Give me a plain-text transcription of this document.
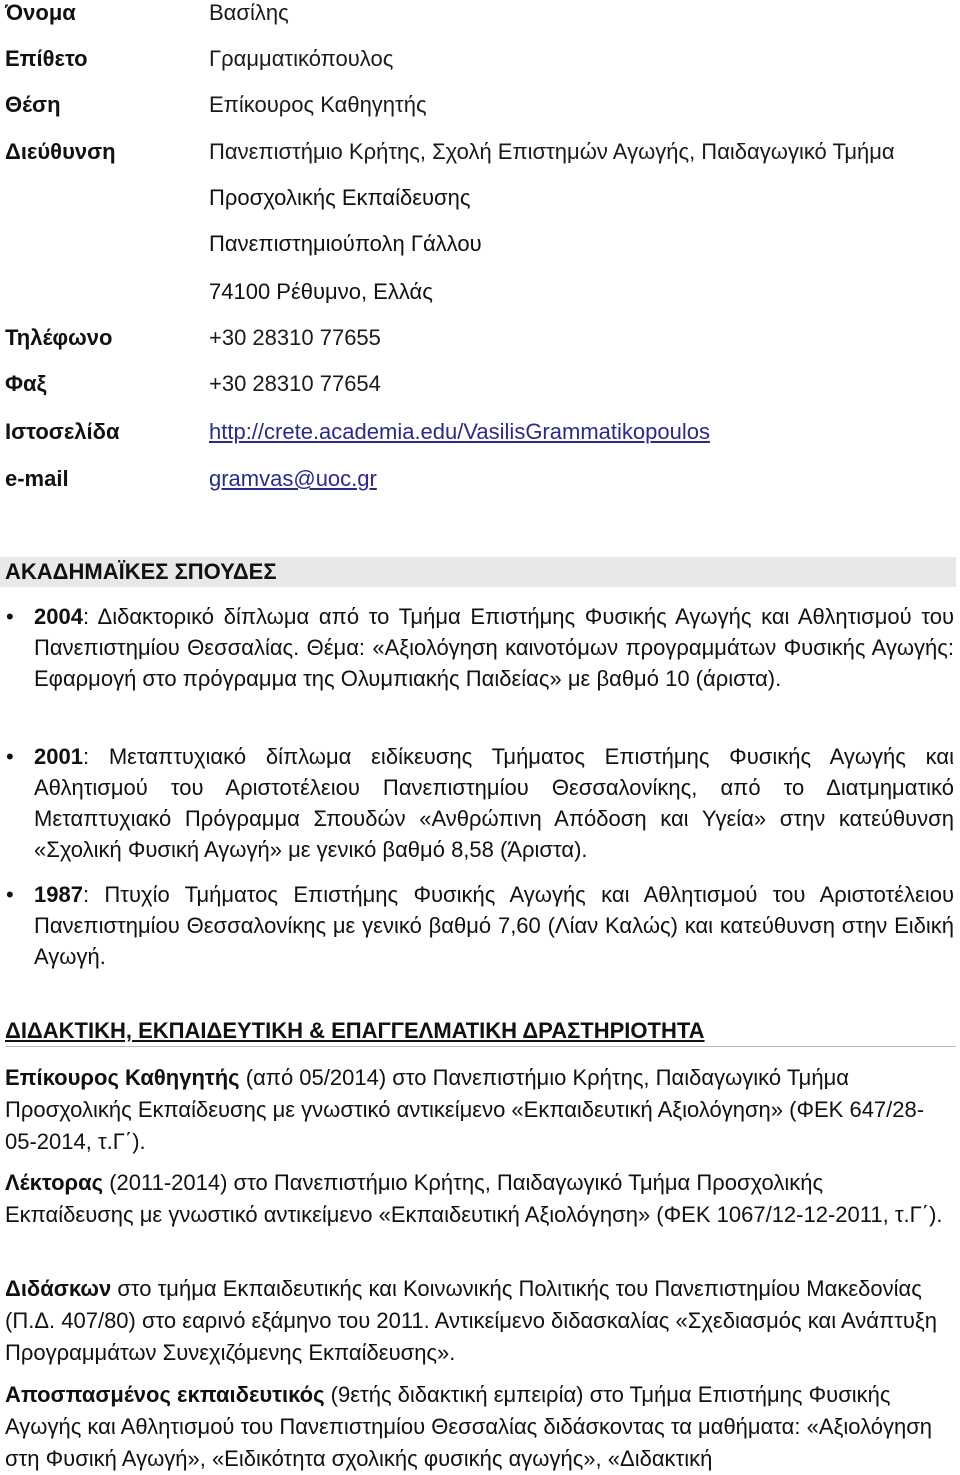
Όνομα	Βασίλης
Επίθετο	Γραμματικόπουλος
Θέση	Επίκουρος Καθηγητής
Διεύθυνση	Πανεπιστήμιο Κρήτης, Σχολή Επιστημών Αγωγής, Παιδαγωγικό Τμήμα
Προσχολικής Εκπαίδευσης
Πανεπιστημιούπολη Γάλλου
74100 Ρέθυμνο, Ελλάς
Τηλέφωνο	+30 28310 77655
Φαξ	+30 28310 77654
Ιστοσελίδα	http://crete.academia.edu/VasilisGrammatikopoulos
e-mail	gramvas@uoc.gr
ΑΚΑΔΗΜΑΪΚΕΣ ΣΠΟΥΔΕΣ
• 2004: Διδακτορικό δίπλωμα από το Τμήμα Επιστήμης Φυσικής Αγωγής και Αθλητισμού του Πανεπιστημίου Θεσσαλίας. Θέμα: «Αξιολόγηση καινοτόμων προγραμμάτων Φυσικής Αγωγής: Εφαρμογή στο πρόγραμμα της Ολυμπιακής Παιδείας» με βαθμό 10 (άριστα).
• 2001: Μεταπτυχιακό δίπλωμα ειδίκευσης Τμήματος Επιστήμης Φυσικής Αγωγής και Αθλητισμού του Αριστοτέλειου Πανεπιστημίου Θεσσαλονίκης, από το Διατμηματικό Μεταπτυχιακό Πρόγραμμα Σπουδών «Ανθρώπινη Απόδοση και Υγεία» στην κατεύθυνση «Σχολική Φυσική Αγωγή» με γενικό βαθμό 8,58 (Άριστα).
• 1987: Πτυχίο Τμήματος Επιστήμης Φυσικής Αγωγής και Αθλητισμού του Αριστοτέλειου Πανεπιστημίου Θεσσαλονίκης με γενικό βαθμό 7,60 (Λίαν Καλώς) και κατεύθυνση στην Ειδική Αγωγή.
ΔΙΔΑΚΤΙΚΗ, ΕΚΠΑΙΔΕΥΤΙΚΗ & ΕΠΑΓΓΕΛΜΑΤΙΚΗ ΔΡΑΣΤΗΡΙΟΤΗΤΑ
Επίκουρος Καθηγητής (από 05/2014) στο Πανεπιστήμιο Κρήτης, Παιδαγωγικό Τμήμα Προσχολικής Εκπαίδευσης με γνωστικό αντικείμενο «Εκπαιδευτική Αξιολόγηση» (ΦΕΚ 647/28-05-2014, τ.Γ΄).
Λέκτορας (2011-2014) στο Πανεπιστήμιο Κρήτης, Παιδαγωγικό Τμήμα Προσχολικής Εκπαίδευσης με γνωστικό αντικείμενο «Εκπαιδευτική Αξιολόγηση» (ΦΕΚ 1067/12-12-2011, τ.Γ΄).
Διδάσκων στο τμήμα Εκπαιδευτικής και Κοινωνικής Πολιτικής του Πανεπιστημίου Μακεδονίας (Π.Δ. 407/80) στο εαρινό εξάμηνο του 2011. Αντικείμενο διδασκαλίας «Σχεδιασμός και Ανάπτυξη Προγραμμάτων Συνεχιζόμενης Εκπαίδευσης».
Αποσπασμένος εκπαιδευτικός (9ετής διδακτική εμπειρία) στο Τμήμα Επιστήμης Φυσικής Αγωγής και Αθλητισμού του Πανεπιστημίου Θεσσαλίας διδάσκοντας τα μαθήματα: «Αξιολόγηση στη Φυσική Αγωγή», «Ειδικότητα σχολικής φυσικής αγωγής», «Διδακτική
